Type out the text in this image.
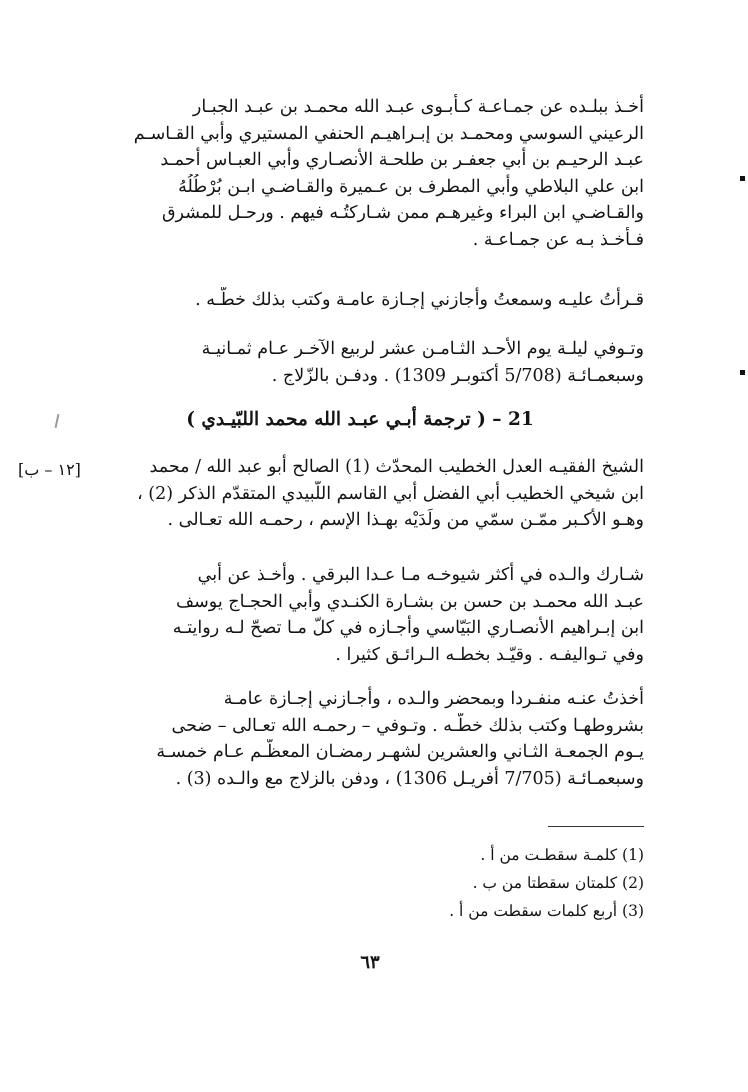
أخـذ ببلـده عن جمـاعـة كـأبـوى عبـد الله محمـد بن عبـد الجبـار
الرعيني السوسي ومحمـد بن إبـراهيـم الحنفي المستيري وأبي القـاسـم
عبـد الرحيـم بن أبي جعفـر بن طلحـة الأنصـاري وأبي العبـاس أحمـد
ابن علي البلاطي وأبي المطرف بن عـميرة والقـاضـي ابـن بُرْطُلُهُ
والقـاضـي ابن البراء وغيرهـم ممن شـاركتُـه فيهم . ورحـل للمشرق
فـأخـذ بـه عن جمـاعـة .
قـرأتُ عليـه وسمعتُ وأجازني إجـازة عامـة وكتب بذلك خطّـه .
وتـوفي ليلـة يوم الأحـد الثـامـن عشر لربيع الآخـر عـام ثمـانيـة
وسبعمـائـة (5/708 أكتوبـر 1309) . ودفـن بالزّلاج .
21 – ( ترجمة أبـي عبـد الله محمد اللبّيـدي )
[١٢ – ب]	الشيخ الفقيـه العدل الخطيب المحدّث (1) الصالح أبو عبد الله / محمد
ابن شيخي الخطيب أبي الفضل أبي القاسم اللّبيدي المتقدّم الذكر (2) ،
وهـو الأكـبر ممّـن سمّي من ولَدَيْه بهـذا الإسم ، رحمـه الله تعـالى .
شـارك والـده في أكثر شيوخـه مـا عـدا البرقي . وأخـذ عن أبي
عبـد الله محمـد بن حسن بن بشـارة الكنـدي وأبي الحجـاج يوسف
ابن إبـراهيم الأنصـاري البَيّاسي وأجـازه في كلّ مـا تصحّ لـه روايتـه
وفي تـواليفـه . وقيّـد بخطـه الـرائـق كثيرا .
أخذتُ عنـه منفـردا وبمحضر والـده ، وأجـازني إجـازة عامـة
بشروطهـا وكتب بذلك خطّـه . وتـوفي – رحمـه الله تعـالى – ضحى
يـوم الجمعـة الثـاني والعشرين لشهـر رمضـان المعظّـم عـام خمسـة
وسبعمـائـة (7/705 أفريـل 1306) ، ودفن بالزلاج مع والـده (3) .
(1) كلمـة سقطـت من أ .
(2) كلمتان سقطتا من ب .
(3) أربع كلمات سقطت من أ .
٦٣
